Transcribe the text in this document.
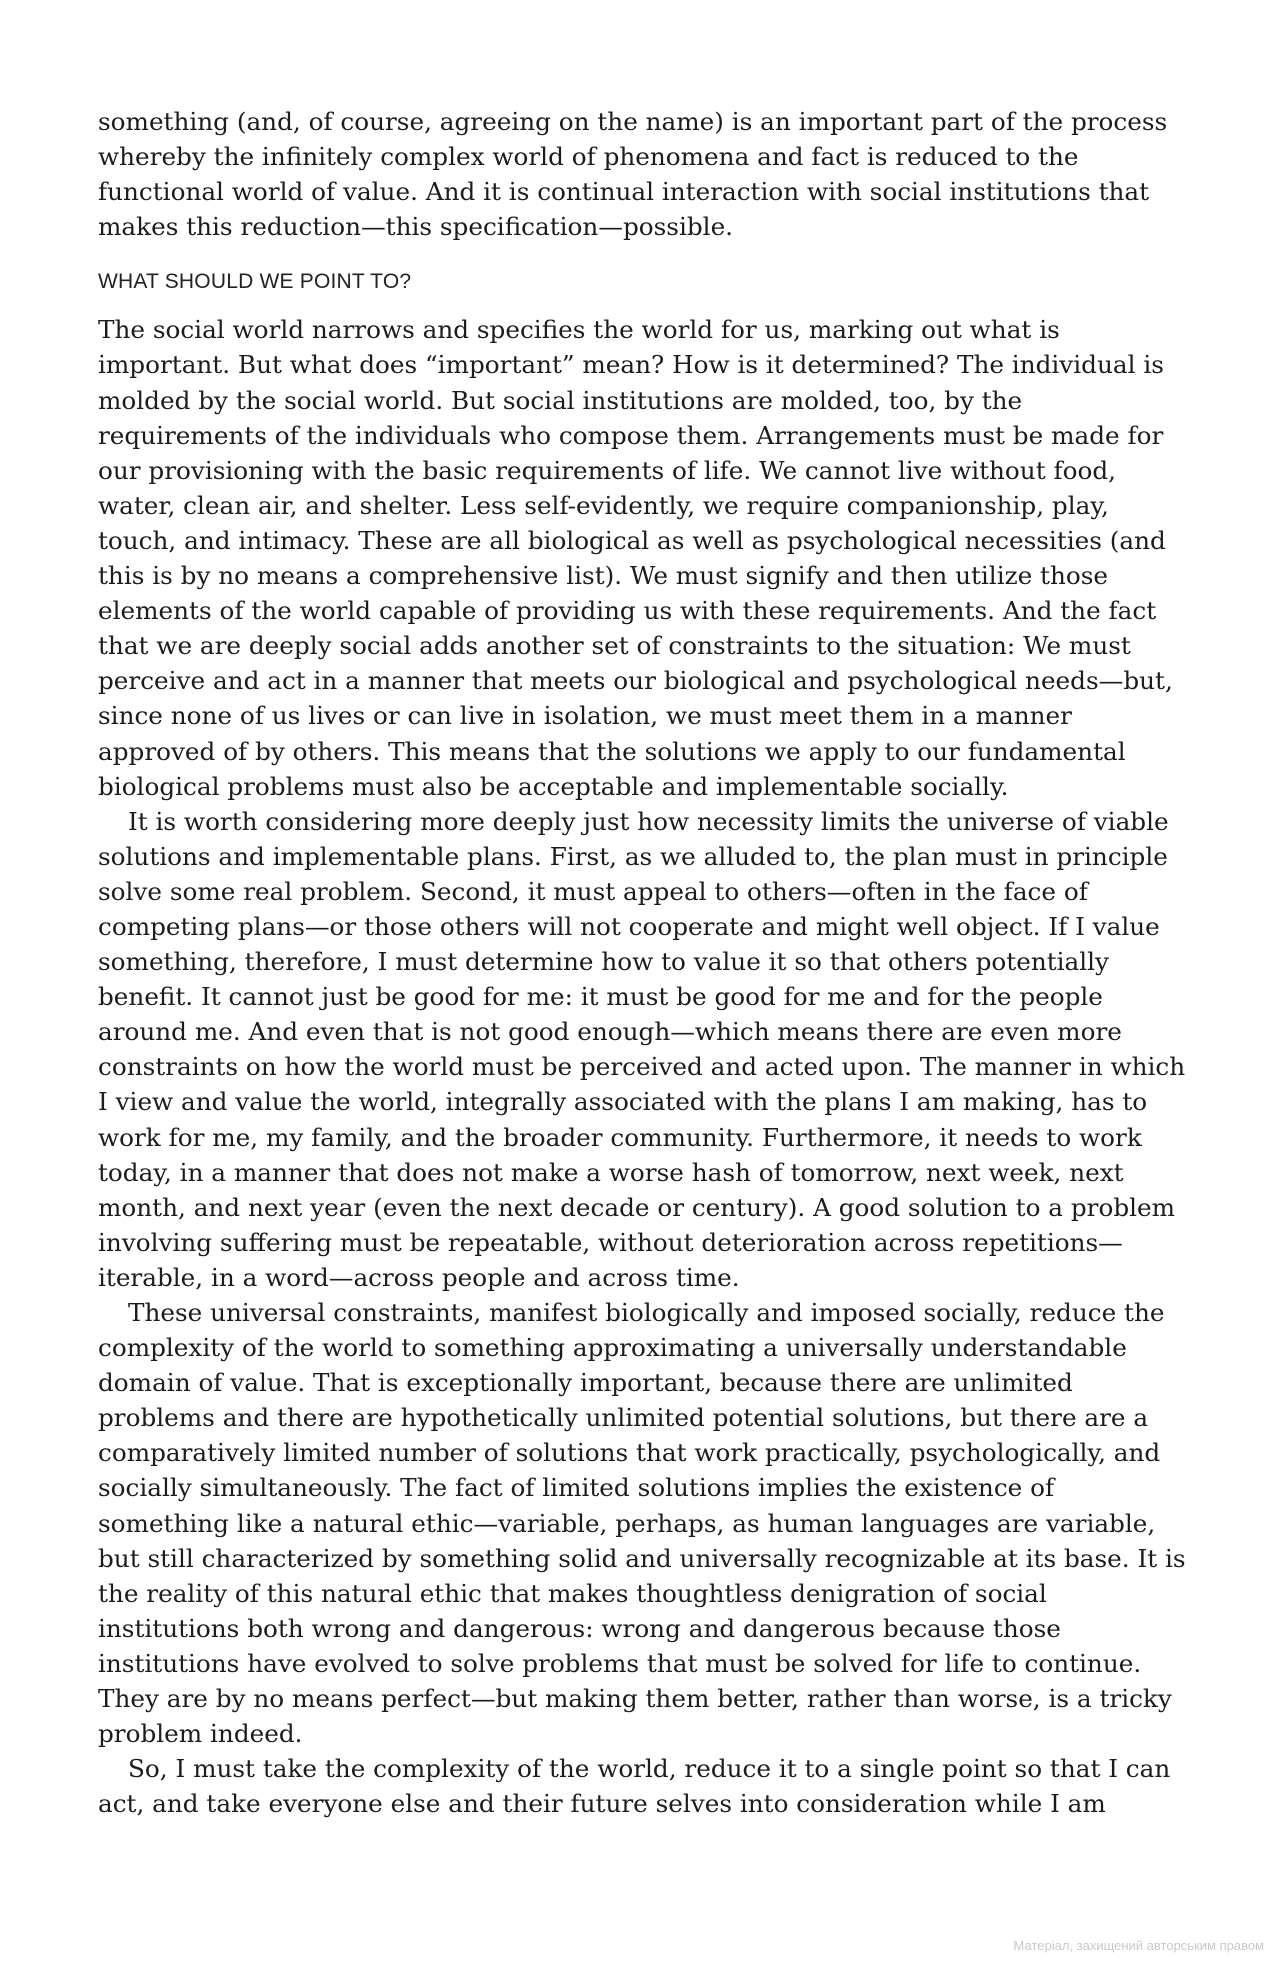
something (and, of course, agreeing on the name) is an important part of the process whereby the infinitely complex world of phenomena and fact is reduced to the functional world of value. And it is continual interaction with social institutions that makes this reduction—this specification—possible.

WHAT SHOULD WE POINT TO?

The social world narrows and specifies the world for us, marking out what is important. But what does “important” mean? How is it determined? The individual is molded by the social world. But social institutions are molded, too, by the requirements of the individuals who compose them. Arrangements must be made for our provisioning with the basic requirements of life. We cannot live without food, water, clean air, and shelter. Less self-evidently, we require companionship, play, touch, and intimacy. These are all biological as well as psychological necessities (and this is by no means a comprehensive list). We must signify and then utilize those elements of the world capable of providing us with these requirements. And the fact that we are deeply social adds another set of constraints to the situation: We must perceive and act in a manner that meets our biological and psychological needs—but, since none of us lives or can live in isolation, we must meet them in a manner approved of by others. This means that the solutions we apply to our fundamental biological problems must also be acceptable and implementable socially.

It is worth considering more deeply just how necessity limits the universe of viable solutions and implementable plans. First, as we alluded to, the plan must in principle solve some real problem. Second, it must appeal to others—often in the face of competing plans—or those others will not cooperate and might well object. If I value something, therefore, I must determine how to value it so that others potentially benefit. It cannot just be good for me: it must be good for me and for the people around me. And even that is not good enough—which means there are even more constraints on how the world must be perceived and acted upon. The manner in which I view and value the world, integrally associated with the plans I am making, has to work for me, my family, and the broader community. Furthermore, it needs to work today, in a manner that does not make a worse hash of tomorrow, next week, next month, and next year (even the next decade or century). A good solution to a problem involving suffering must be repeatable, without deterioration across repetitions—iterable, in a word—across people and across time.

These universal constraints, manifest biologically and imposed socially, reduce the complexity of the world to something approximating a universally understandable domain of value. That is exceptionally important, because there are unlimited problems and there are hypothetically unlimited potential solutions, but there are a comparatively limited number of solutions that work practically, psychologically, and socially simultaneously. The fact of limited solutions implies the existence of something like a natural ethic—variable, perhaps, as human languages are variable, but still characterized by something solid and universally recognizable at its base. It is the reality of this natural ethic that makes thoughtless denigration of social institutions both wrong and dangerous: wrong and dangerous because those institutions have evolved to solve problems that must be solved for life to continue. They are by no means perfect—but making them better, rather than worse, is a tricky problem indeed.

So, I must take the complexity of the world, reduce it to a single point so that I can act, and take everyone else and their future selves into consideration while I am

Матеріал, захищений авторським правом
